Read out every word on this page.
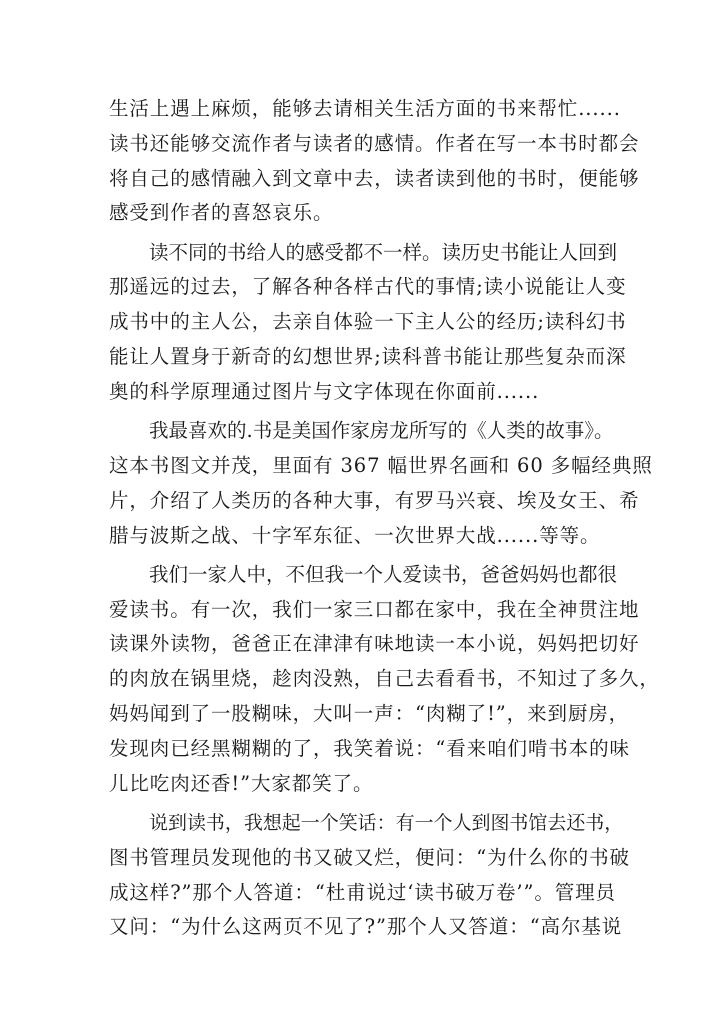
生活上遇上麻烦，能够去请相关生活方面的书来帮忙......
读书还能够交流作者与读者的感情。作者在写一本书时都会
将自己的感情融入到文章中去，读者读到他的书时，便能够
感受到作者的喜怒哀乐。
读不同的书给人的感受都不一样。读历史书能让人回到
那遥远的过去，了解各种各样古代的事情;读小说能让人变
成书中的主人公，去亲自体验一下主人公的经历;读科幻书
能让人置身于新奇的幻想世界;读科普书能让那些复杂而深
奥的科学原理通过图片与文字体现在你面前......
我最喜欢的.书是美国作家房龙所写的《人类的故事》。
这本书图文并茂，里面有 367 幅世界名画和 60 多幅经典照
片，介绍了人类历的各种大事，有罗马兴衰、埃及女王、希
腊与波斯之战、十字军东征、一次世界大战......等等。
我们一家人中，不但我一个人爱读书，爸爸妈妈也都很
爱读书。有一次，我们一家三口都在家中，我在全神贯注地
读课外读物，爸爸正在津津有味地读一本小说，妈妈把切好
的肉放在锅里烧，趁肉没熟，自己去看看书，不知过了多久，
妈妈闻到了一股糊味，大叫一声：“肉糊了!”，来到厨房，
发现肉已经黑糊糊的了，我笑着说：“看来咱们啃书本的味
儿比吃肉还香!”大家都笑了。
说到读书，我想起一个笑话：有一个人到图书馆去还书，
图书管理员发现他的书又破又烂，便问：“为什么你的书破
成这样?”那个人答道：“杜甫说过‘读书破万卷’”。管理员
又问：“为什么这两页不见了?”那个人又答道：“高尔基说
